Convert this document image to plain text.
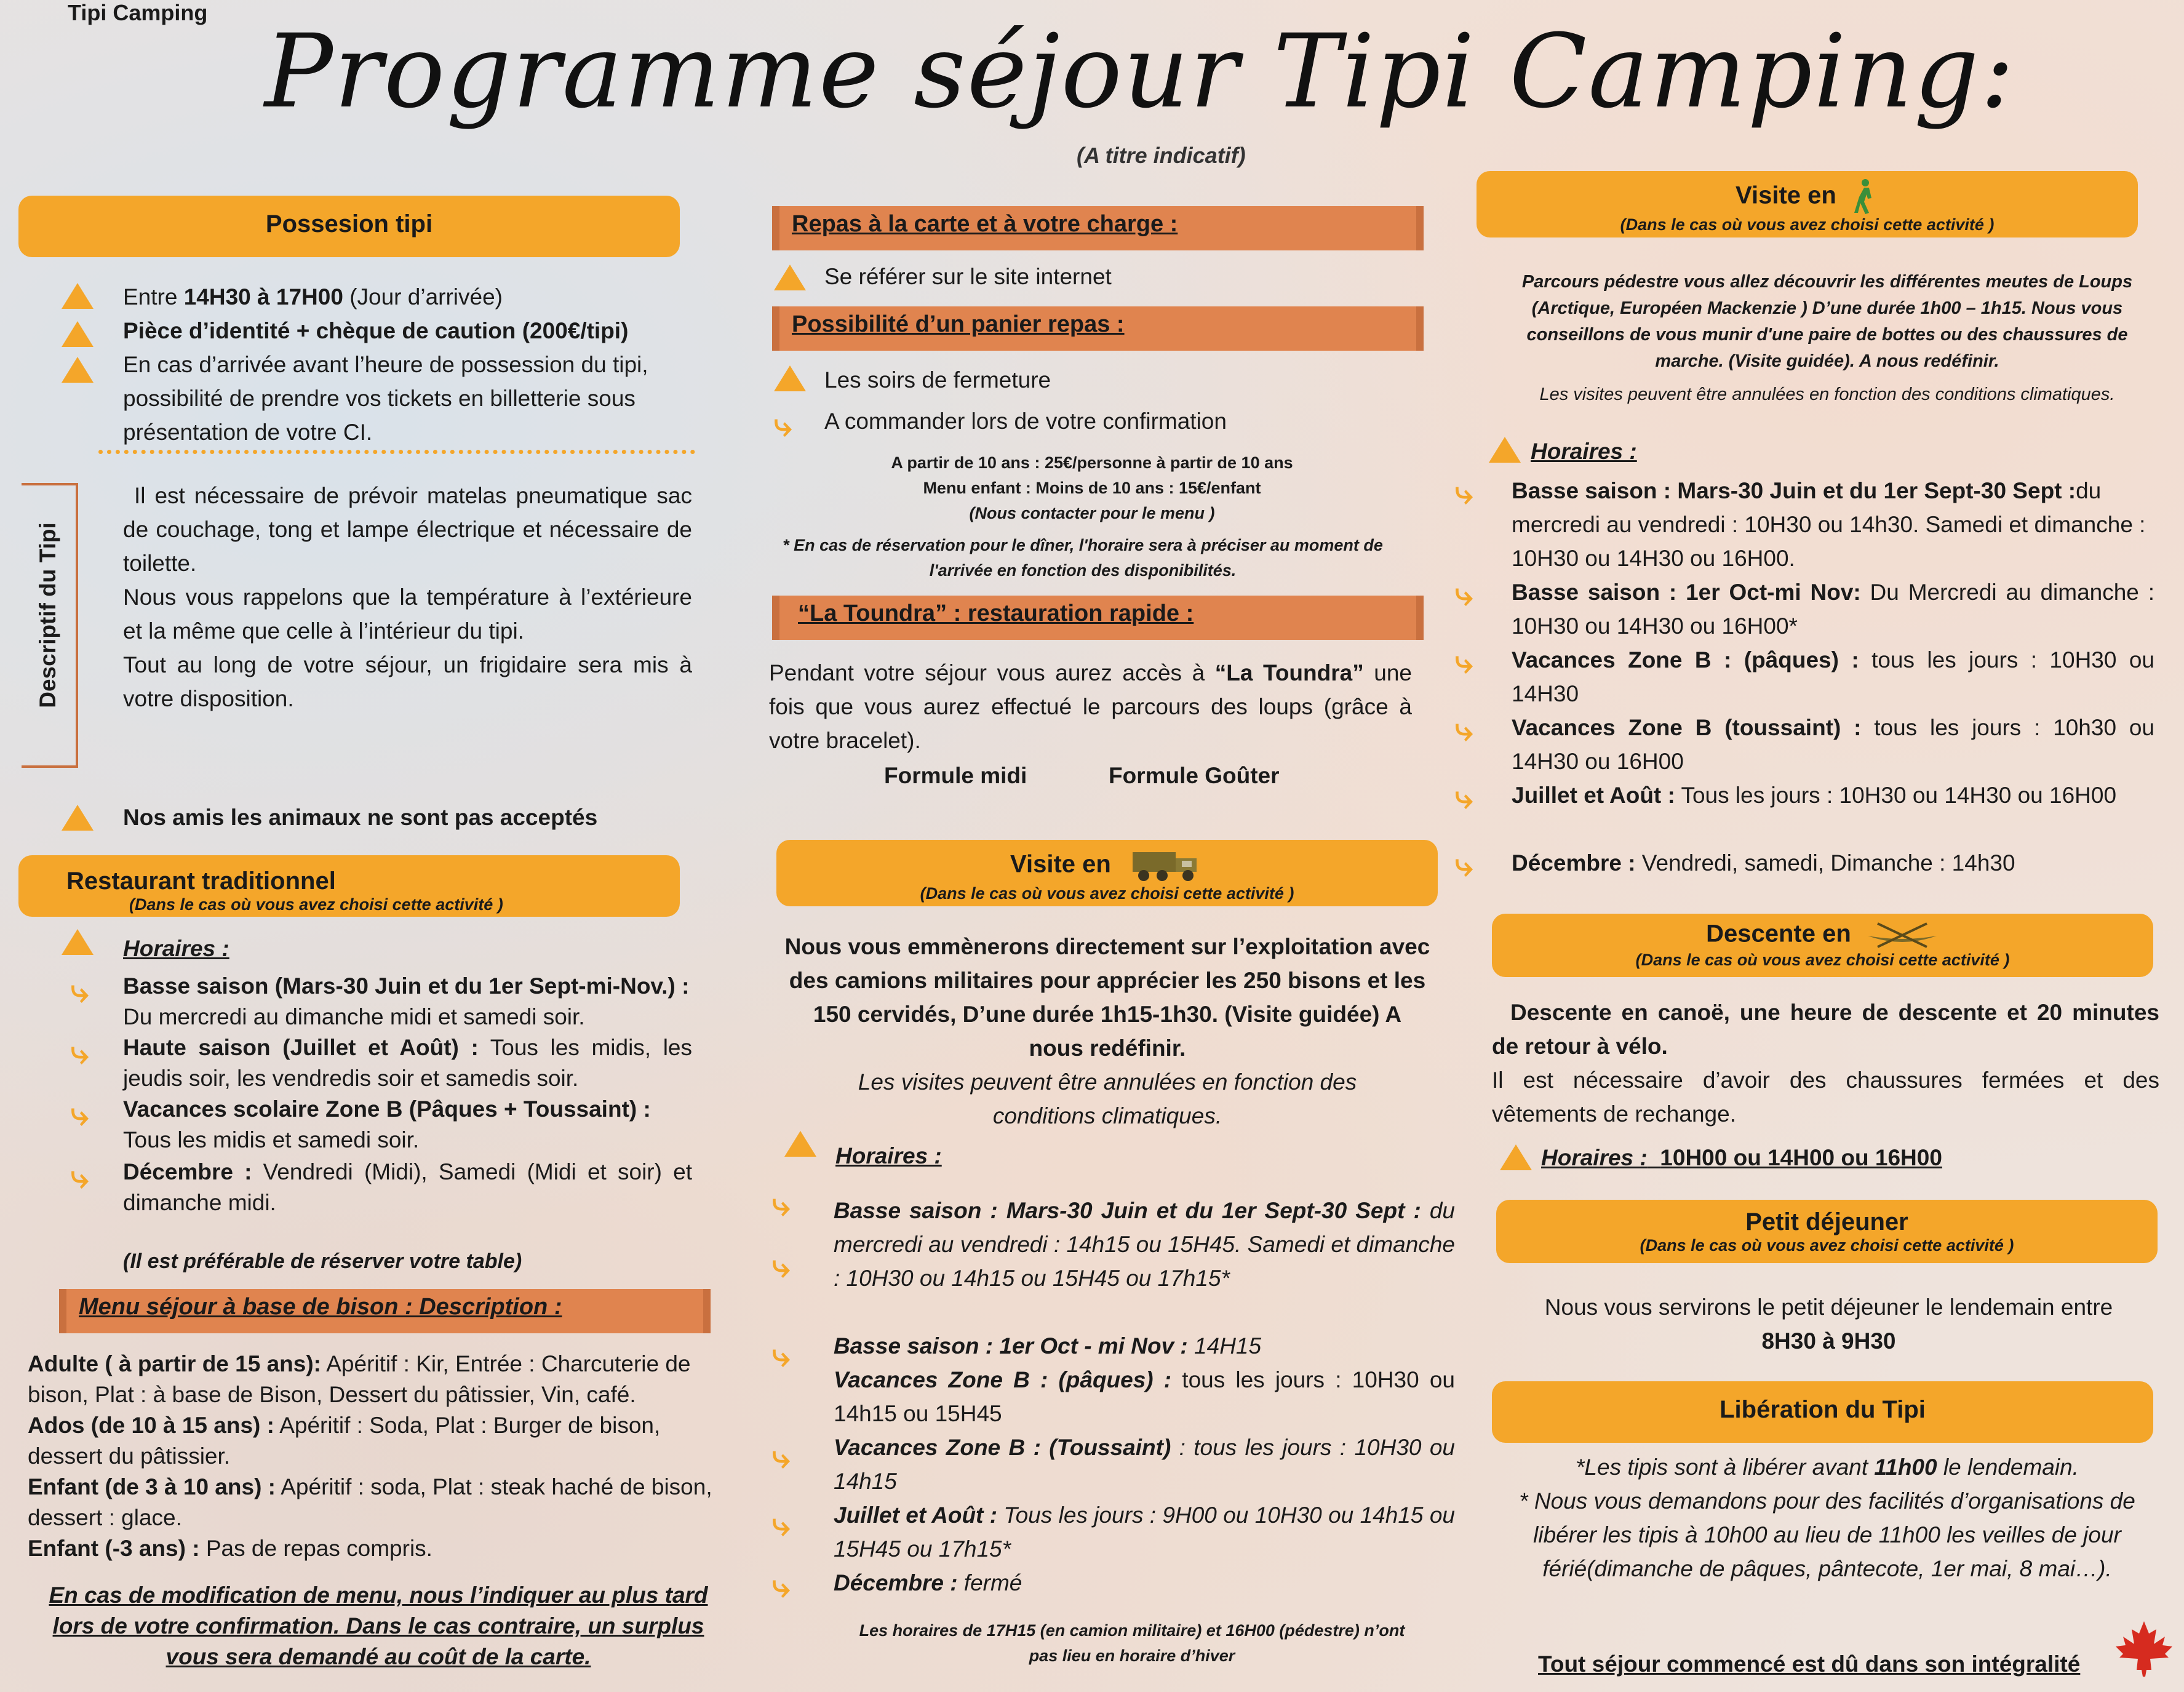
Tipi Camping Programme séjour Tipi Camping:
(A titre indicatif)
Possesion tipi
Entre 14H30 à 17H00 (Jour d’arrivée)
Pièce d’identité + chèque de caution (200€/tipi)
En cas d’arrivée avant l’heure de possession du tipi, possibilité de prendre vos tickets en billetterie sous présentation de votre CI.
Descriptif du Tipi
Il est nécessaire de prévoir matelas pneumatique sac de couchage, tong et lampe électrique et nécessaire de toilette.
Nous vous rappelons que la température à l’extérieure et la même que celle à l’intérieur du tipi.
Tout au long de votre séjour, un frigidaire sera mis à votre disposition.
Nos amis les animaux ne sont pas acceptés
Restaurant traditionnel
(Dans le cas où vous avez choisi cette activité )
Horaires :
⤷ Basse saison (Mars-30 Juin et du 1er Sept-mi-Nov.) : Du mercredi au dimanche midi et samedi soir.
⤷ Haute saison (Juillet et Août) : Tous les midis, les jeudis soir, les vendredis soir et samedis soir.
⤷ Vacances scolaire Zone B (Pâques + Toussaint) : Tous les midis et samedi soir.
⤷ Décembre : Vendredi (Midi), Samedi (Midi et soir) et dimanche midi.
(Il est préférable de réserver votre table)
Menu séjour à base de bison : Description :
Adulte ( à partir de 15 ans): Apéritif : Kir, Entrée : Charcuterie de bison, Plat : à base de Bison, Dessert du pâtissier, Vin, café.
Ados (de 10 à 15 ans) : Apéritif : Soda, Plat : Burger de bison, dessert du pâtissier.
Enfant (de 3 à 10 ans) : Apéritif : soda, Plat : steak haché de bison, dessert : glace.
Enfant (-3 ans) : Pas de repas compris.
En cas de modification de menu, nous l’indiquer au plus tard lors de votre confirmation. Dans le cas contraire, un surplus vous sera demandé au coût de la carte.
Repas à la carte et à votre charge :
Se référer sur le site internet
Possibilité d’un panier repas :
Les soirs de fermeture
⤷ A commander lors de votre confirmation
A partir de 10 ans : 25€/personne à partir de 10 ans
Menu enfant : Moins de 10 ans : 15€/enfant
(Nous contacter pour le menu )
* En cas de réservation pour le dîner, l'horaire sera à préciser au moment de l'arrivée en fonction des disponibilités.
“La Toundra” : restauration rapide :
Pendant votre séjour vous aurez accès à “La Toundra” une fois que vous aurez effectué le parcours des loups (grâce à votre bracelet).
Formule midi	Formule Goûter
Visite en
(Dans le cas où vous avez choisi cette activité )
Nous vous emmènerons directement sur l’exploitation avec des camions militaires pour apprécier les 250 bisons et les 150 cervidés, D’une durée 1h15-1h30. (Visite guidée) A nous redéfinir.
Les visites peuvent être annulées en fonction des conditions climatiques.
Horaires :
⤷
⤷
Basse saison : Mars-30 Juin et du 1er Sept-30 Sept : du mercredi au vendredi : 14h15 ou 15H45. Samedi et dimanche : 10H30 ou 14h15 ou 15H45 ou 17h15*
⤷ Basse saison : 1er Oct - mi Nov : 14H15
Vacances Zone B : (pâques) : tous les jours : 10H30 ou 14h15 ou 15H45
⤷ Vacances Zone B : (Toussaint) : tous les jours : 10H30 ou 14h15
⤷ Juillet et Août : Tous les jours : 9H00 ou 10H30 ou 14h15 ou 15H45 ou 17h15*
⤷ Décembre : fermé
Les horaires de 17H15 (en camion militaire) et 16H00 (pédestre) n’ont pas lieu en horaire d’hiver
Visite en
(Dans le cas où vous avez choisi cette activité )
Parcours pédestre vous allez découvrir les différentes meutes de Loups (Arctique, Européen Mackenzie ) D’une durée 1h00 – 1h15. Nous vous conseillons de vous munir d'une paire de bottes ou des chaussures de marche. (Visite guidée). A nous redéfinir.
Les visites peuvent être annulées en fonction des conditions climatiques.
Horaires :
⤷ Basse saison : Mars-30 Juin et du 1er Sept-30 Sept :du mercredi au vendredi : 10H30 ou 14h30. Samedi et dimanche : 10H30 ou 14H30 ou 16H00.
⤷ Basse saison : 1er Oct-mi Nov: Du Mercredi au dimanche : 10H30 ou 14H30 ou 16H00*
⤷ Vacances Zone B : (pâques) : tous les jours : 10H30 ou 14H30
⤷ Vacances Zone B (toussaint) : tous les jours : 10h30 ou 14H30 ou 16H00
⤷ Juillet et Août : Tous les jours : 10H30 ou 14H30 ou 16H00
⤷ Décembre : Vendredi, samedi, Dimanche : 14h30
Descente en
(Dans le cas où vous avez choisi cette activité )
Descente en canoë, une heure de descente et 20 minutes de retour à vélo.
Il est nécessaire d’avoir des chaussures fermées et des vêtements de rechange.
Horaires : 10H00 ou 14H00 ou 16H00
Petit déjeuner
(Dans le cas où vous avez choisi cette activité )
Nous vous servirons le petit déjeuner le lendemain entre
8H30 à 9H30
Libération du Tipi
*Les tipis sont à libérer avant 11h00 le lendemain.
* Nous vous demandons pour des facilités d’organisations de libérer les tipis à 10h00 au lieu de 11h00 les veilles de jour férié(dimanche de pâques, pântecote, 1er mai, 8 mai…).
Tout séjour commencé est dû dans son intégralité
